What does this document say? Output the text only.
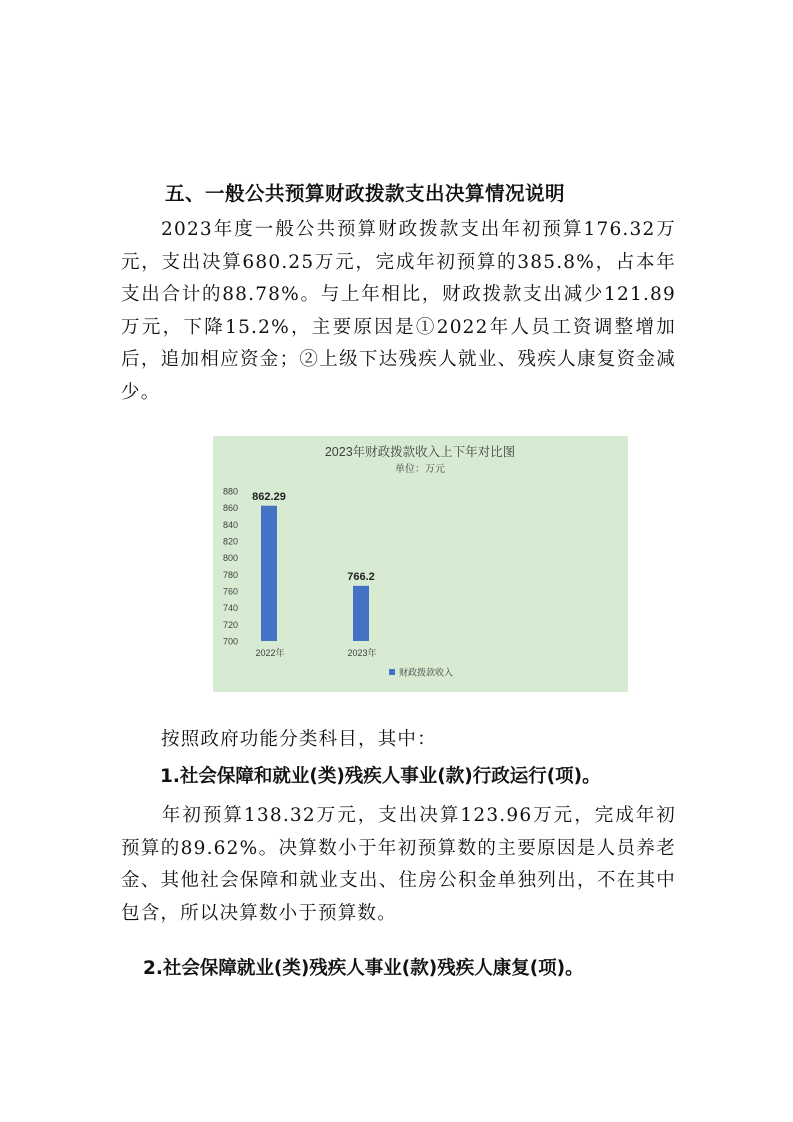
五、一般公共预算财政拨款支出决算情况说明

2023年度一般公共预算财政拨款支出年初预算176.32万元，支出决算680.25万元，完成年初预算的385.8%，占本年支出合计的88.78%。与上年相比，财政拨款支出减少121.89万元，下降15.2%，主要原因是①2022年人员工资调整增加后，追加相应资金；②上级下达残疾人就业、残疾人康复资金减少。

2023年财政拨款收入上下年对比图
单位：万元
700
720
740
760
780
800
820
840
860
880 862.29
2022年
766.2
2023年
财政拨款收入

按照政府功能分类科目，其中：

1.社会保障和就业(类)残疾人事业(款)行政运行(项)。

年初预算138.32万元，支出决算123.96万元，完成年初预算的89.62%。决算数小于年初预算数的主要原因是人员养老金、其他社会保障和就业支出、住房公积金单独列出，不在其中包含，所以决算数小于预算数。

2.社会保障就业(类)残疾人事业(款)残疾人康复(项)。
